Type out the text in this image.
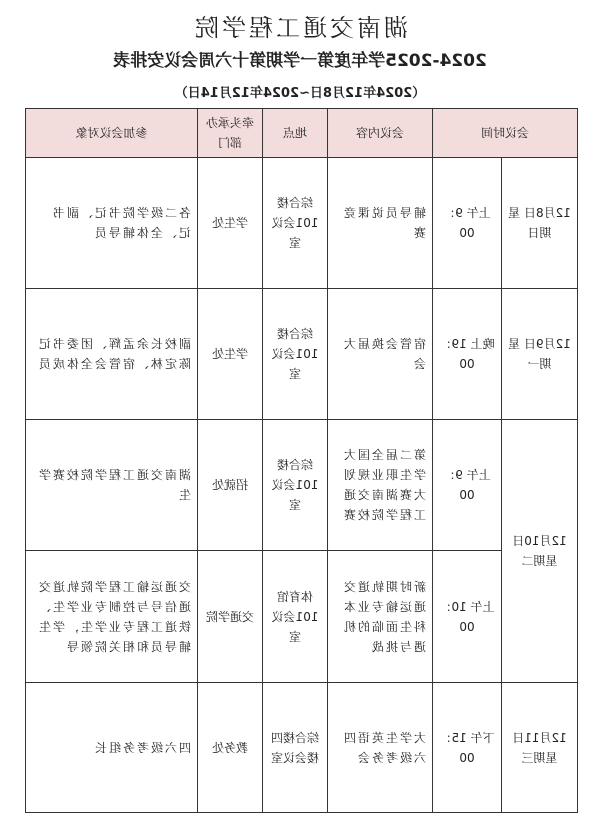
湖南交通工程学院
2024-2025学年度第一学期第十六周会议安排表
（2024年12月8日~2024年12月14日）
会议时间		会议内容	地点	牵头承办部门	参加会议对象
12月8日 星期日	上午 9：00	辅导员说课竞赛	综合楼101会议室	学生处	各二级学院书记、副书记、全体辅导员
12月9日 星期一	晚上 19：00	宿管会换届大会	综合楼101会议室	学生处	副校长余孟辉、团委书记陈定林、宿管会全体成员
12月10日 星期二	上午 9：00	第二届全国大学生职业规划大赛湖南交通工程学院校赛	综合楼101会议室	招就处	湖南交通工程学院校赛学生
	上午 10：00	新时期轨道交通运输专业本科生面临的机遇与挑战	体育馆101会议室	交通学院	交通运输工程学院轨道交通信号与控制专业学生、铁道工程专业学生，学生辅导员和相关院领导
12月11日 星期三	下午 15：00	大学生英语四六级考务会	综合楼四楼会议室	教务处	四六级考务组长
